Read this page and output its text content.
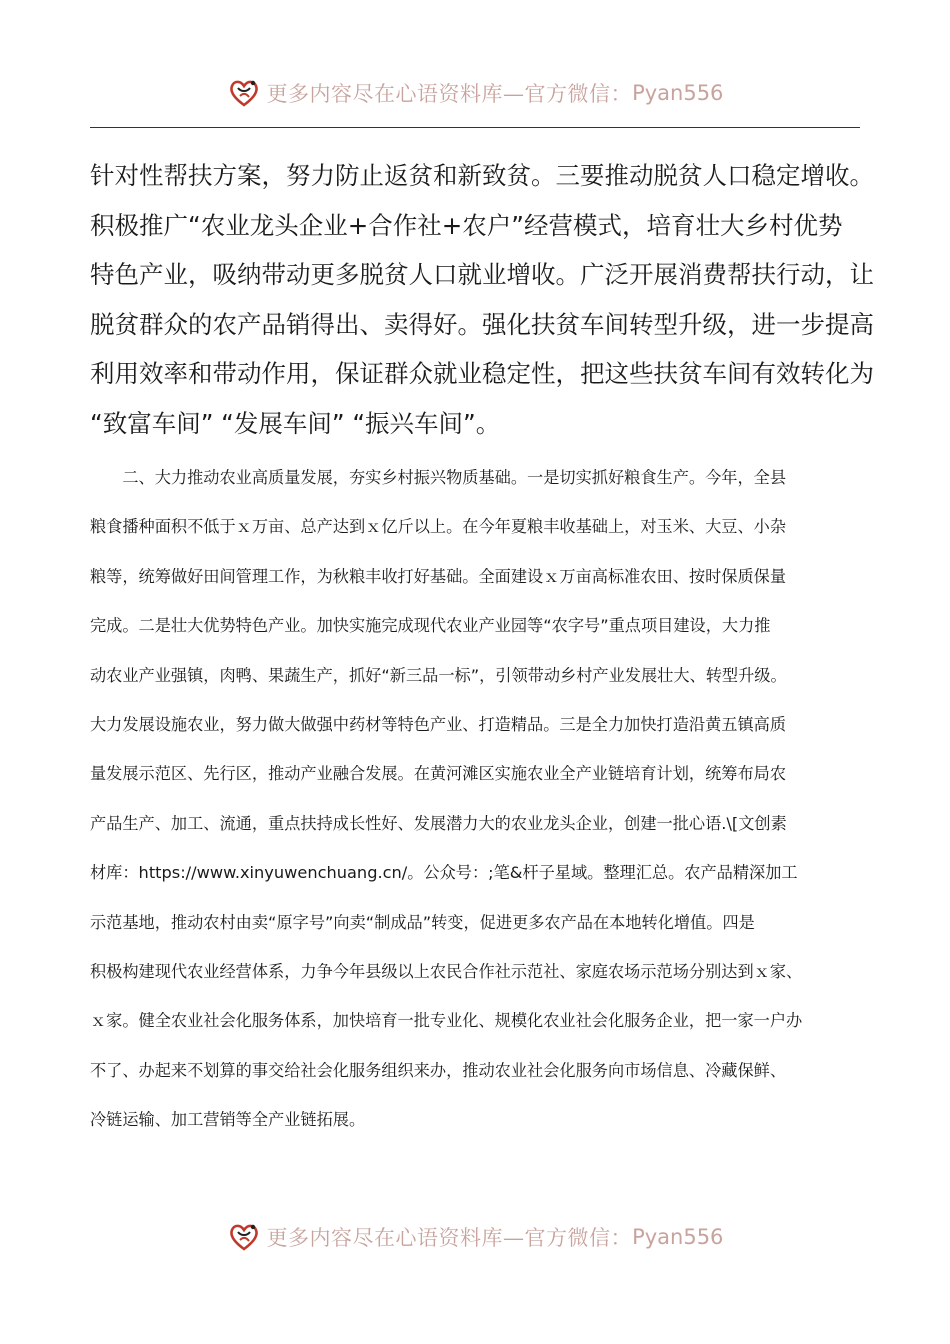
更多内容尽在心语资料库—官方微信： Pyan556

针对性帮扶方案，努力防止返贫和新致贫。三要推动脱贫人口稳定增收。
积极推广“农业龙头企业+合作社+农户”经营模式，培育壮大乡村优势
特色产业，吸纳带动更多脱贫人口就业增收。广泛开展消费帮扶行动，让
脱贫群众的农产品销得出、卖得好。强化扶贫车间转型升级，进一步提高
利用效率和带动作用，保证群众就业稳定性，把这些扶贫车间有效转化为
“致富车间” “发展车间” “振兴车间”。

　　二、大力推动农业高质量发展，夯实乡村振兴物质基础。一是切实抓好粮食生产。今年，全县
粮食播种面积不低于ｘ万亩、总产达到ｘ亿斤以上。在今年夏粮丰收基础上，对玉米、大豆、小杂
粮等，统筹做好田间管理工作，为秋粮丰收打好基础。全面建设ｘ万亩高标准农田、按时保质保量
完成。二是壮大优势特色产业。加快实施完成现代农业产业园等“农字号”重点项目建设，大力推
动农业产业强镇，肉鸭、果蔬生产，抓好“新三品一标”，引领带动乡村产业发展壮大、转型升级。
大力发展设施农业，努力做大做强中药材等特色产业、打造精品。三是全力加快打造沿黄五镇高质
量发展示范区、先行区，推动产业融合发展。在黄河滩区实施农业全产业链培育计划，统筹布局农
产品生产、加工、流通，重点扶持成长性好、发展潜力大的农业龙头企业，创建一批心语.\[文创素
材库：https://www.xinyuwenchuang.cn/。公众号：;笔&杆子星域。整理汇总。农产品精深加工
示范基地，推动农村由卖“原字号”向卖“制成品”转变，促进更多农产品在本地转化增值。四是
积极构建现代农业经营体系，力争今年县级以上农民合作社示范社、家庭农场示范场分别达到ｘ家、
ｘ家。健全农业社会化服务体系，加快培育一批专业化、规模化农业社会化服务企业，把一家一户办
不了、办起来不划算的事交给社会化服务组织来办，推动农业社会化服务向市场信息、冷藏保鲜、
冷链运输、加工营销等全产业链拓展。

更多内容尽在心语资料库—官方微信： Pyan556
